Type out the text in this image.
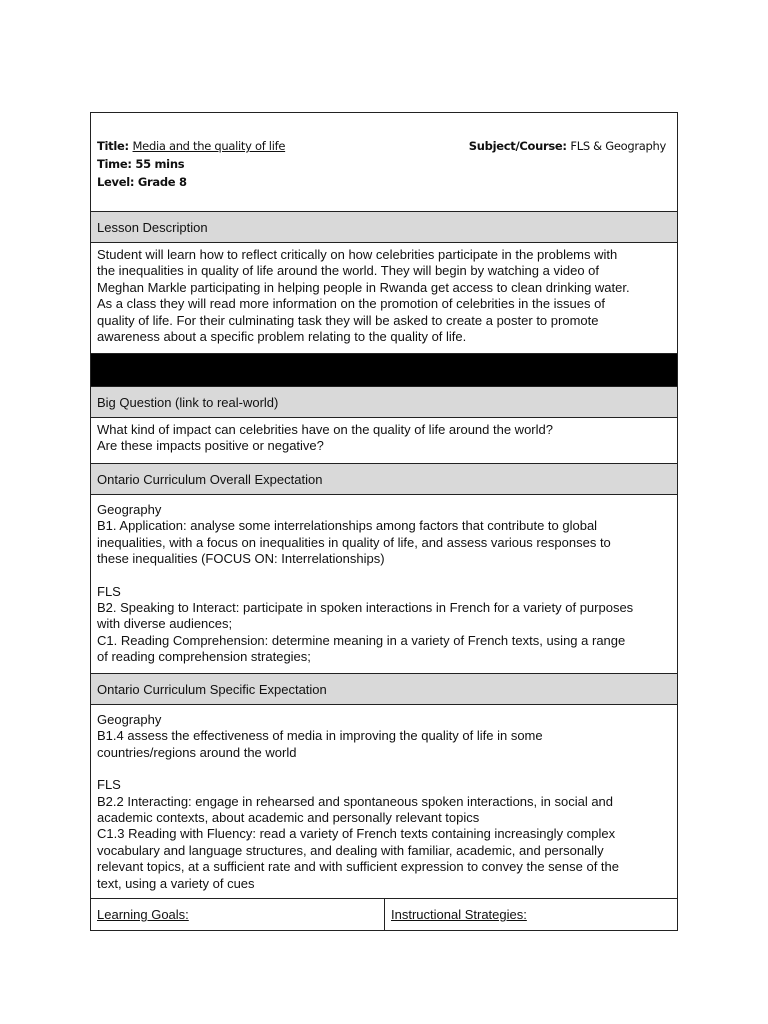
Title: Media and the quality of life
Time: 55 mins
Level: Grade 8
Subject/Course: FLS & Geography
Lesson Description

Student will learn how to reflect critically on how celebrities participate in the problems with

the inequalities in quality of life around the world. They will begin by watching a video of

Meghan Markle participating in helping people in Rwanda get access to clean drinking water.

As a class they will read more information on the promotion of celebrities in the issues of

quality of life. For their culminating task they will be asked to create a poster to promote

awareness about a specific problem relating to the quality of life.

Big Question (link to real-world)

What kind of impact can celebrities have on the quality of life around the world?

Are these impacts positive or negative?

Ontario Curriculum Overall Expectation

Geography

B1. Application: analyse some interrelationships among factors that contribute to global

inequalities, with a focus on inequalities in quality of life, and assess various responses to

these inequalities (FOCUS ON: Interrelationships)

FLS

B2. Speaking to Interact: participate in spoken interactions in French for a variety of purposes

with diverse audiences;

C1. Reading Comprehension: determine meaning in a variety of French texts, using a range

of reading comprehension strategies;

Ontario Curriculum Specific Expectation

Geography

B1.4 assess the effectiveness of media in improving the quality of life in some

countries/regions around the world

FLS

B2.2 Interacting: engage in rehearsed and spontaneous spoken interactions, in social and

academic contexts, about academic and personally relevant topics

C1.3 Reading with Fluency: read a variety of French texts containing increasingly complex

vocabulary and language structures, and dealing with familiar, academic, and personally

relevant topics, at a sufficient rate and with sufficient expression to convey the sense of the

text, using a variety of cues

Learning Goals:	Instructional Strategies:
